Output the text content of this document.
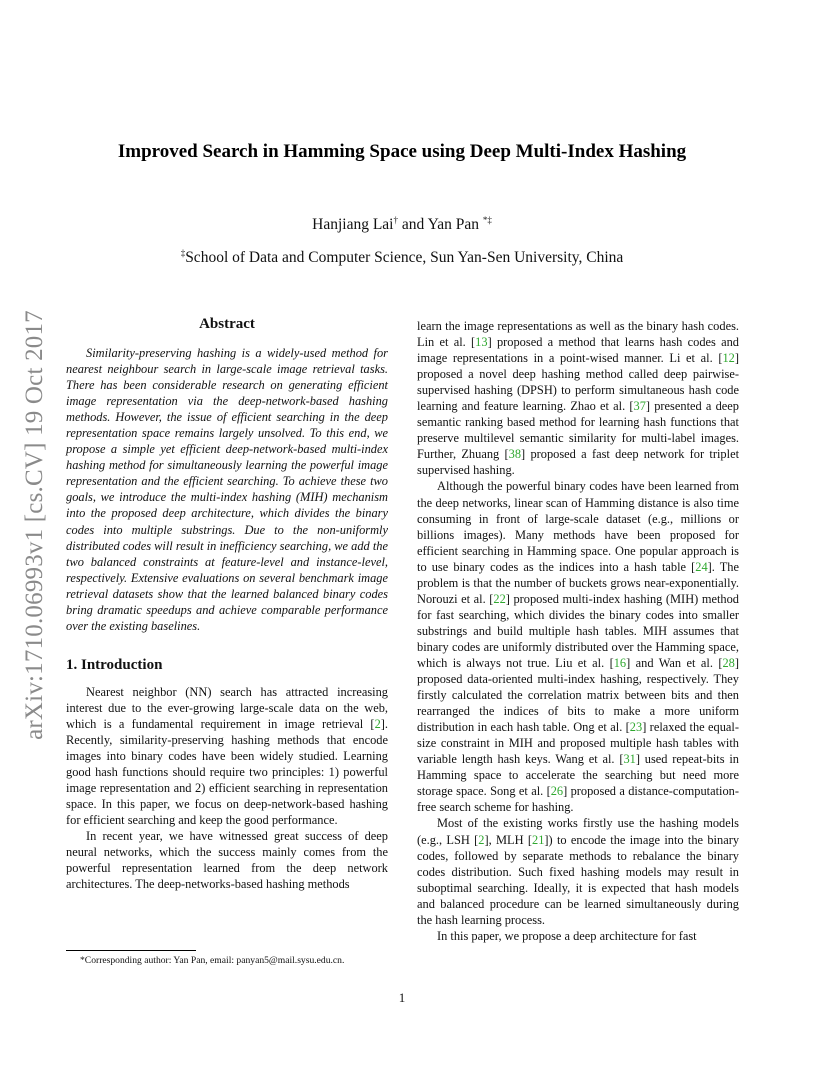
arXiv:1710.06993v1 [cs.CV] 19 Oct 2017
Improved Search in Hamming Space using Deep Multi-Index Hashing
Hanjiang Lai† and Yan Pan *‡
‡School of Data and Computer Science, Sun Yan-Sen University, China
Abstract

Similarity-preserving hashing is a widely-used method for nearest neighbour search in large-scale image retrieval tasks. There has been considerable research on generating efficient image representation via the deep-network-based hashing methods. However, the issue of efficient searching in the deep representation space remains largely unsolved. To this end, we propose a simple yet efficient deep-network-based multi-index hashing method for simultaneously learning the powerful image representation and the efficient searching. To achieve these two goals, we introduce the multi-index hashing (MIH) mechanism into the proposed deep architecture, which divides the binary codes into multiple substrings. Due to the non-uniformly distributed codes will result in inefficiency searching, we add the two balanced constraints at feature-level and instance-level, respectively. Extensive evaluations on several benchmark image retrieval datasets show that the learned balanced binary codes bring dramatic speedups and achieve comparable performance over the existing baselines.

1. Introduction

Nearest neighbor (NN) search has attracted increasing interest due to the ever-growing large-scale data on the web, which is a fundamental requirement in image retrieval [2]. Recently, similarity-preserving hashing methods that encode images into binary codes have been widely studied. Learning good hash functions should require two principles: 1) powerful image representation and 2) efficient searching in representation space. In this paper, we focus on deep-network-based hashing for efficient searching and keep the good performance.

In recent year, we have witnessed great success of deep neural networks, which the success mainly comes from the powerful representation learned from the deep network architectures. The deep-networks-based hashing methods

learn the image representations as well as the binary hash codes. Lin et al. [13] proposed a method that learns hash codes and image representations in a point-wised manner. Li et al. [12] proposed a novel deep hashing method called deep pairwise-supervised hashing (DPSH) to perform simultaneous hash code learning and feature learning. Zhao et al. [37] presented a deep semantic ranking based method for learning hash functions that preserve multilevel semantic similarity for multi-label images. Further, Zhuang [38] proposed a fast deep network for triplet supervised hashing.

Although the powerful binary codes have been learned from the deep networks, linear scan of Hamming distance is also time consuming in front of large-scale dataset (e.g., millions or billions images). Many methods have been proposed for efficient searching in Hamming space. One popular approach is to use binary codes as the indices into a hash table [24]. The problem is that the number of buckets grows near-exponentially. Norouzi et al. [22] proposed multi-index hashing (MIH) method for fast searching, which divides the binary codes into smaller substrings and build multiple hash tables. MIH assumes that binary codes are uniformly distributed over the Hamming space, which is always not true. Liu et al. [16] and Wan et al. [28] proposed data-oriented multi-index hashing, respectively. They firstly calculated the correlation matrix between bits and then rearranged the indices of bits to make a more uniform distribution in each hash table. Ong et al. [23] relaxed the equal-size constraint in MIH and proposed multiple hash tables with variable length hash keys. Wang et al. [31] used repeat-bits in Hamming space to accelerate the searching but need more storage space. Song et al. [26] proposed a distance-computation-free search scheme for hashing.

Most of the existing works firstly use the hashing models (e.g., LSH [2], MLH [21]) to encode the image into the binary codes, followed by separate methods to rebalance the binary codes distribution. Such fixed hashing models may result in suboptimal searching. Ideally, it is expected that hash models and balanced procedure can be learned simultaneously during the hash learning process.

In this paper, we propose a deep architecture for fast

*Corresponding author: Yan Pan, email: panyan5@mail.sysu.edu.cn.
1
